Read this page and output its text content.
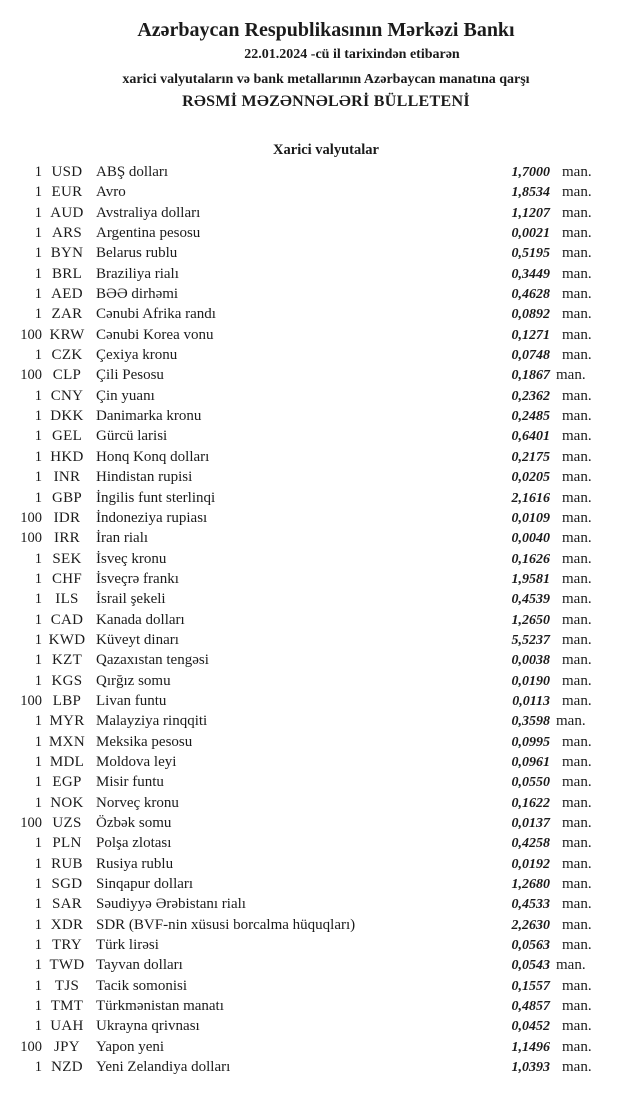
Azərbaycan Respublikasının Mərkəzi Bankı
22.01.2024 -cü il tarixindən etibarən
xarici valyutaların və bank metallarının Azərbaycan manatına qarşı
RƏSMİ MƏZƏNNƏLƏRİ BÜLLETENİ
Xarici valyutalar
1 USD ABŞ dolları	1,7000 man.
1 EUR Avro	1,8534 man.
1 AUD Avstraliya dolları	1,1207 man.
1 ARS Argentina pesosu	0,0021 man.
1 BYN Belarus rublu	0,5195 man.
1 BRL Braziliya rialı	0,3449 man.
1 AED BƏƏ dirhəmi	0,4628 man.
1 ZAR Cənubi Afrika randı	0,0892 man.
100 KRW Cənubi Korea vonu	0,1271 man.
1 CZK Çexiya kronu	0,0748 man.
100 CLP Çili Pesosu	0,1867 man.
1 CNY Çin yuanı	0,2362 man.
1 DKK Danimarka kronu	0,2485 man.
1 GEL Gürcü larisi	0,6401 man.
1 HKD Honq Konq dolları	0,2175 man.
1 INR	Hindistan rupisi	0,0205 man.
1 GBP İngilis funt sterlinqi	2,1616 man.
100 IDR	İndoneziya rupiası	0,0109 man.
100 IRR	İran rialı	0,0040 man.
1 SEK İsveç kronu	0,1626 man.
1 CHF İsveçrə frankı	1,9581 man.
1 ILS	İsrail şekeli	0,4539 man.
1 CAD Kanada dolları	1,2650 man.
1 KWD Küveyt dinarı	5,5237 man.
1 KZT Qazaxıstan tengəsi	0,0038 man.
1 KGS Qırğız somu	0,0190 man.
100 LBP Livan funtu	0,0113 man.
1 MYR Malayziya rinqqiti	0,3598 man.
1 MXN Meksika pesosu	0,0995 man.
1 MDL Moldova leyi	0,0961 man.
1 EGP Misir funtu	0,0550 man.
1 NOK Norveç kronu	0,1622 man.
100 UZS Özbək somu	0,0137 man.
1 PLN Polşa zlotası	0,4258 man.
1 RUB Rusiya rublu	0,0192 man.
1 SGD Sinqapur dolları	1,2680 man.
1 SAR Səudiyyə Ərəbistanı rialı	0,4533 man.
1 XDR SDR (BVF-nin xüsusi borcalma hüquqları)	2,2630 man.
1 TRY Türk lirəsi	0,0563 man.
1 TWD Tayvan dolları	0,0543 man.
1 TJS	Tacik somonisi	0,1557 man.
1 TMT Türkmənistan manatı	0,4857 man.
1 UAH Ukrayna qrivnası	0,0452 man.
100 JPY	Yapon yeni	1,1496 man.
1 NZD Yeni Zelandiya dolları	1,0393 man.
